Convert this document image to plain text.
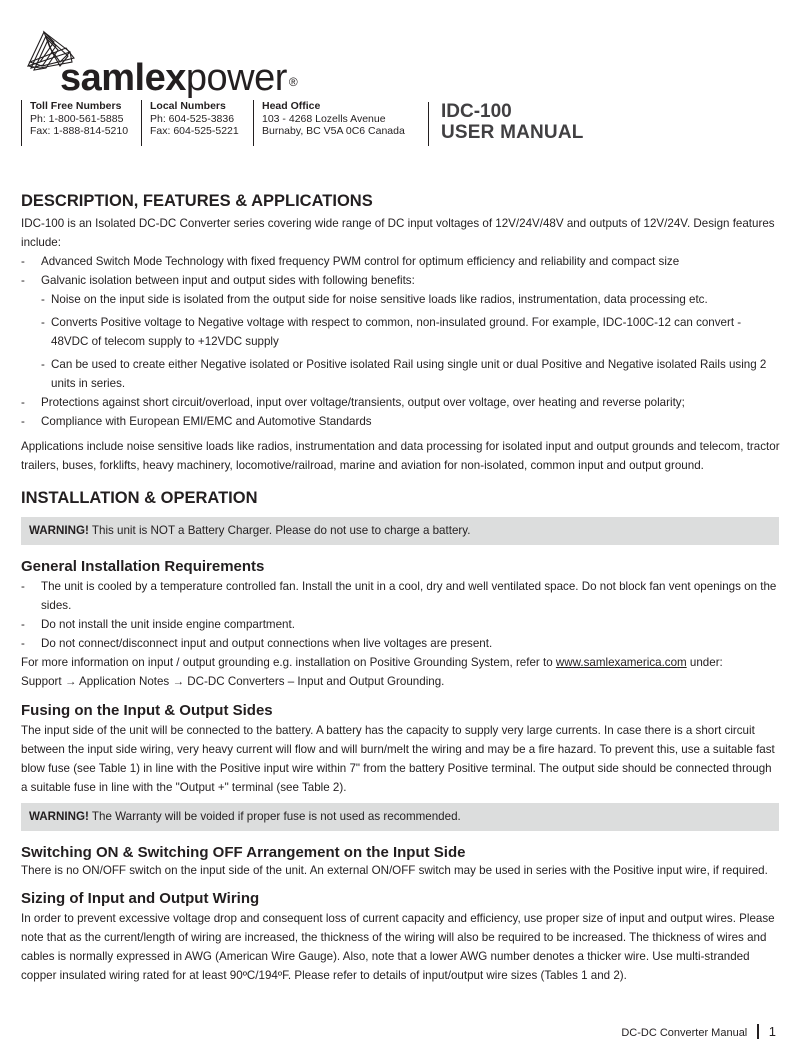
samlexpower ®
Toll Free Numbers
Ph: 1-800-561-5885
Fax: 1-888-814-5210
Local Numbers
Ph: 604-525-3836
Fax: 604-525-5221
Head Office
103 - 4268 Lozells Avenue
Burnaby, BC V5A 0C6 Canada
IDC-100
USER MANUAL
DESCRIPTION, FEATURES & APPLICATIONS

IDC-100 is an Isolated DC-DC Converter series covering wide range of DC input voltages of 12V/24V/48V and outputs of 12V/24V. Design features include:

- Advanced Switch Mode Technology with fixed frequency PWM control for optimum efficiency and reliability and compact size
- Galvanic isolation between input and output sides with following benefits:
- Noise on the input side is isolated from the output side for noise sensitive loads like radios, instrumentation, data processing etc.
- Converts Positive voltage to Negative voltage with respect to common, non-insulated ground. For example, IDC-100C-12 can convert - 48VDC of telecom supply to +12VDC supply
- Can be used to create either Negative isolated or Positive isolated Rail using single unit or dual Positive and Negative isolated Rails using 2 units in series.
- Protections against short circuit/overload, input over voltage/transients, output over voltage, over heating and reverse polarity;
- Compliance with European EMI/EMC and Automotive Standards

Applications include noise sensitive loads like radios, instrumentation and data processing for isolated input and output grounds and telecom, tractor trailers, buses, forklifts, heavy machinery, locomotive/railroad, marine and aviation for non-isolated, common input and output ground.

INSTALLATION & OPERATION
WARNING! This unit is NOT a Battery Charger. Please do not use to charge a battery.
General Installation Requirements
- The unit is cooled by a temperature controlled fan. Install the unit in a cool, dry and well ventilated space. Do not block fan vent openings on the sides.
- Do not install the unit inside engine compartment.
- Do not connect/disconnect input and output connections when live voltages are present.

For more information on input / output grounding e.g. installation on Positive Grounding System, refer to www.samlexamerica.com under:

Support → Application Notes → DC-DC Converters – Input and Output Grounding.

Fusing on the Input & Output Sides

The input side of the unit will be connected to the battery. A battery has the capacity to supply very large currents. In case there is a short circuit between the input side wiring, very heavy current will flow and will burn/melt the wiring and may be a fire hazard. To prevent this, use a suitable fast blow fuse (see Table 1) in line with the Positive input wire within 7" from the battery Positive terminal. The output side should be connected through a suitable fuse in line with the "Output +" terminal (see Table 2).

WARNING! The Warranty will be voided if proper fuse is not used as recommended.
Switching ON & Switching OFF Arrangement on the Input Side

There is no ON/OFF switch on the input side of the unit. An external ON/OFF switch may be used in series with the Positive input wire, if required.

Sizing of Input and Output Wiring

In order to prevent excessive voltage drop and consequent loss of current capacity and efficiency, use proper size of input and output wires. Please note that as the current/length of wiring are increased, the thickness of the wiring will also be required to be increased. The thickness of wires and cables is normally expressed in AWG (American Wire Gauge). Also, note that a lower AWG number denotes a thicker wire. Use multi-stranded copper insulated wiring rated for at least 90ºC/194ºF. Please refer to details of input/output wire sizes (Tables 1 and 2).

DC-DC Converter Manual 1
